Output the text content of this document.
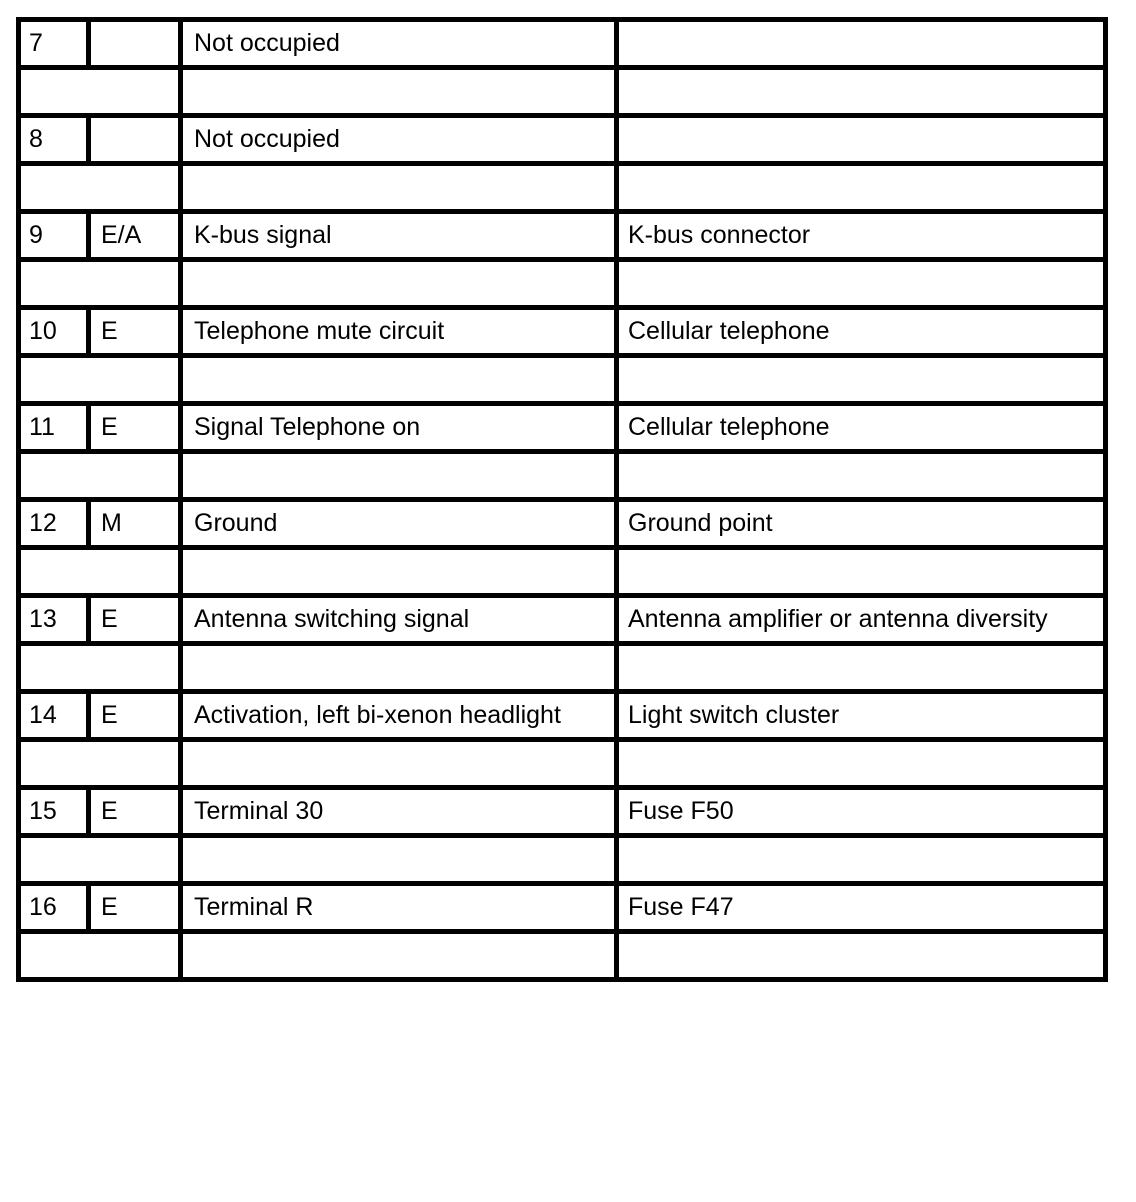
7		Not occupied	

8		Not occupied	

9	E/A	K-bus signal	K-bus connector

10	E	Telephone mute circuit	Cellular telephone

11	E	Signal Telephone on	Cellular telephone

12	M	Ground	Ground point

13	E	Antenna switching signal	Antenna amplifier or antenna diversity

14	E	Activation, left bi-xenon headlight	Light switch cluster

15	E	Terminal 30	Fuse F50

16	E	Terminal R	Fuse F47
